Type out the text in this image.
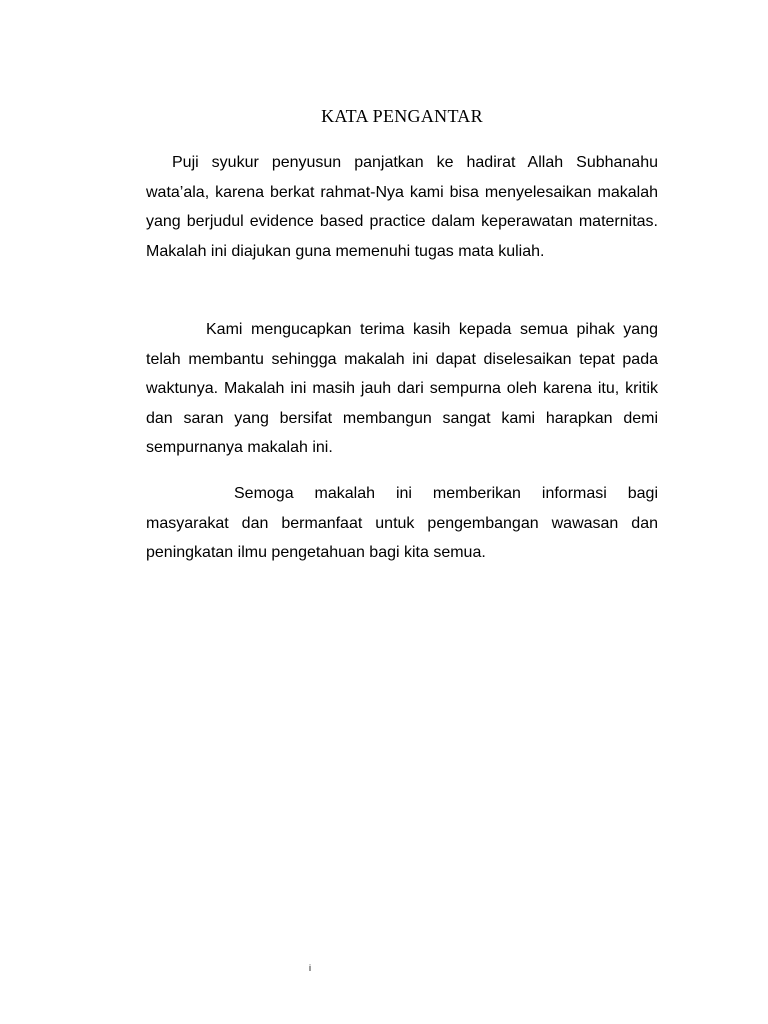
KATA PENGANTAR

Puji syukur penyusun panjatkan ke hadirat Allah Subhanahu wata’ala, karena berkat rahmat-Nya kami bisa menyelesaikan makalah yang berjudul evidence based practice dalam keperawatan maternitas. Makalah ini diajukan guna memenuhi tugas mata kuliah.

Kami mengucapkan terima kasih kepada semua pihak yang telah membantu sehingga makalah ini dapat diselesaikan tepat pada waktunya. Makalah ini masih jauh dari sempurna oleh karena itu, kritik dan saran yang bersifat membangun sangat kami harapkan demi sempurnanya makalah ini.

Semoga makalah ini memberikan informasi bagi masyarakat dan bermanfaat untuk pengembangan wawasan dan peningkatan ilmu pengetahuan bagi kita semua.

i
